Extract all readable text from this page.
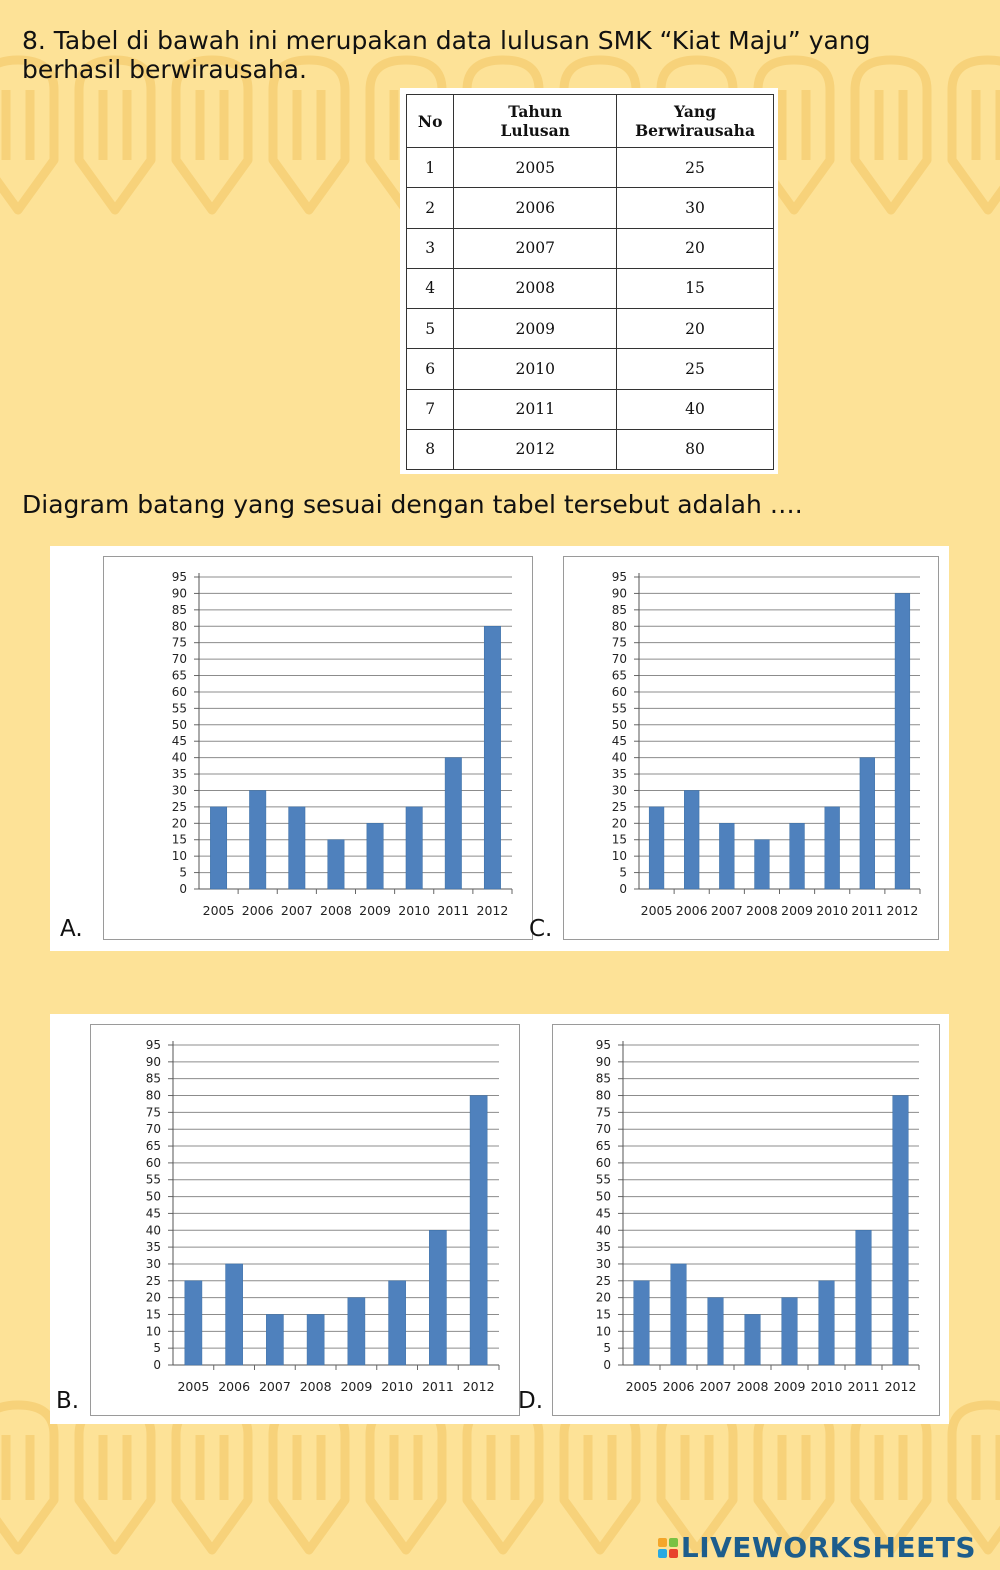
8. Tabel di bawah ini merupakan data lulusan SMK “Kiat Maju” yang berhasil berwirausaha.

No	Tahun Lulusan	Yang Berwirausaha
1	2005	25
2	2006	30
3	2007	20
4	2008	15
5	2009	20
6	2010	25
7	2011	40
8	2012	80

Diagram batang yang sesuai dengan tabel tersebut adalah ….

0
5
10
15
20
25
30
35
40
45
50
55
60
65
70
75
80
85
90
95
2005 2006 2007 2008 2009 2010 2011 2012
A.
0
5
10
15
20
25
30
35
40
45
50
55
60
65
70
75
80
85
90
95
2005 2006 2007 2008 2009 2010 2011 2012
C.
0
5
10
15
20
25
30
35
40
45
50
55
60
65
70
75
80
85
90
95
2005 2006 2007 2008 2009 2010 2011 2012
B.
0
5
10
15
20
25
30
35
40
45
50
55
60
65
70
75
80
85
90
95
2005 2006 2007 2008 2009 2010 2011 2012
D.
LIVEWORKSHEETS
